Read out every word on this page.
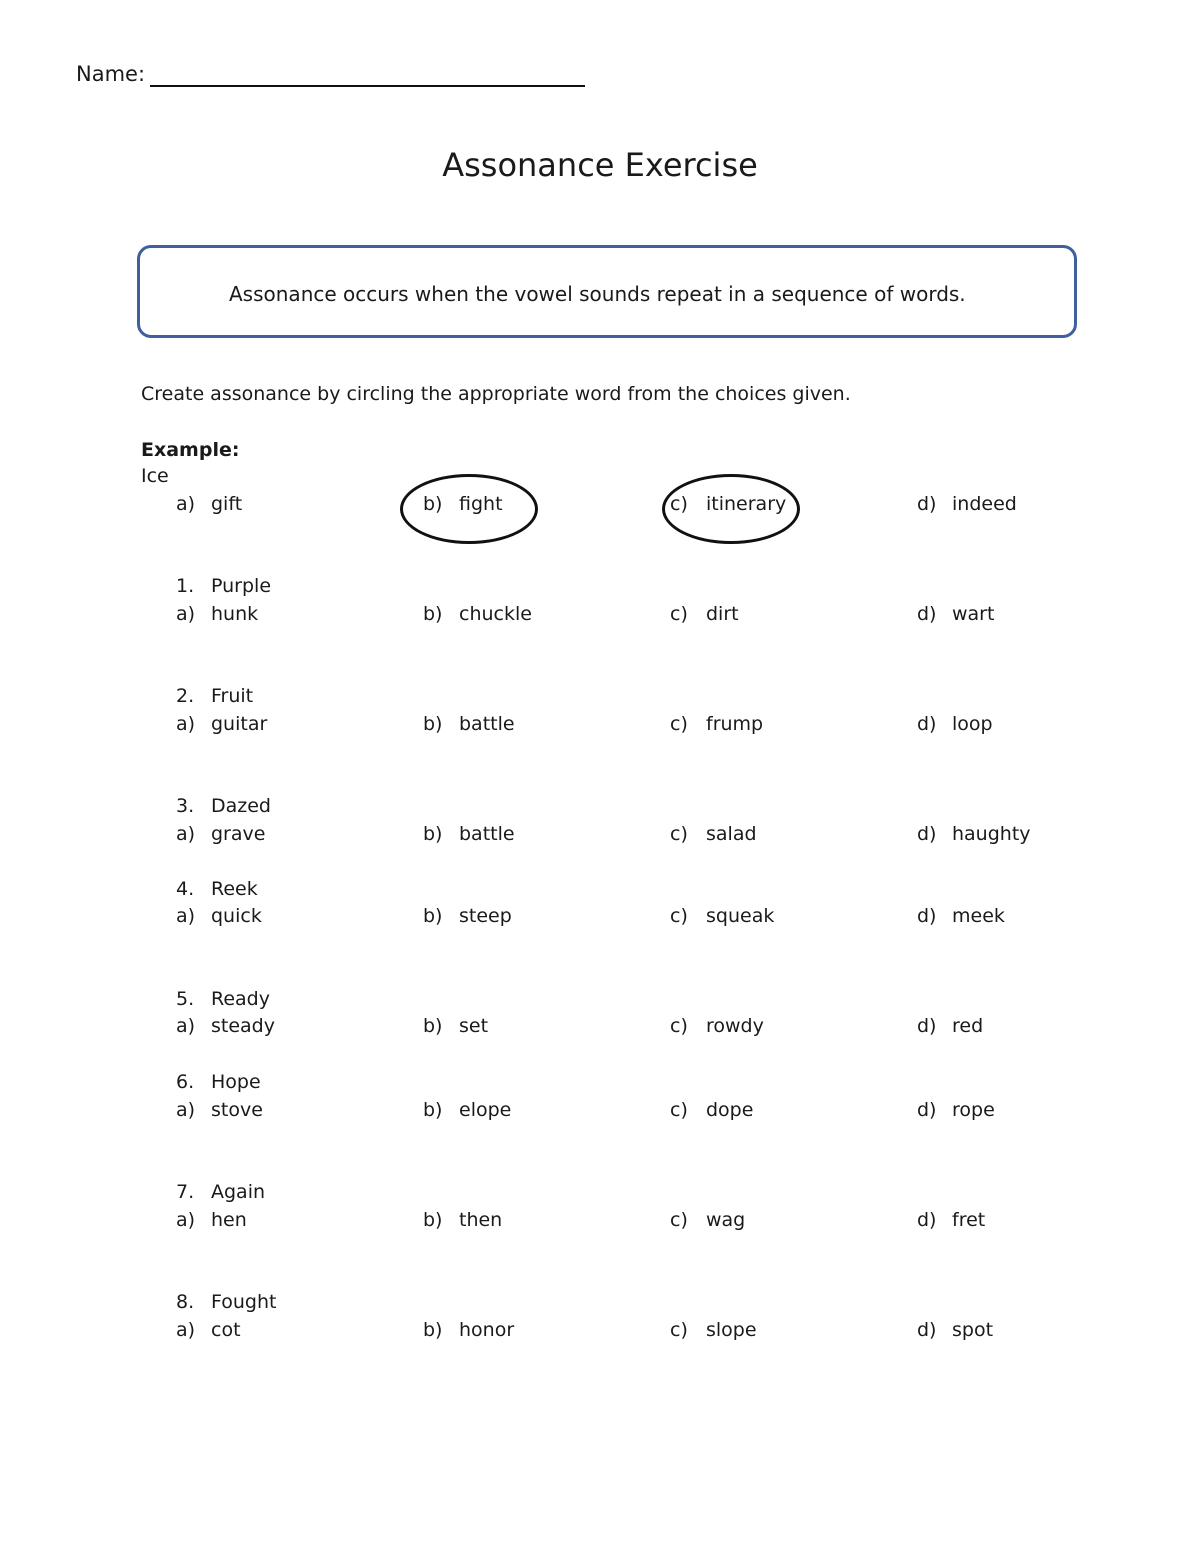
Name:
Assonance Exercise
Assonance occurs when the vowel sounds repeat in a sequence of words.
Create assonance by circling the appropriate word from the choices given.
Example:
Ice
a) gift	b) fight	c) itinerary	d) indeed
1. Purple
a) hunk	b) chuckle	c) dirt	d) wart
2. Fruit
a) guitar	b) battle	c) frump	d) loop
3. Dazed
a) grave	b) battle	c) salad	d) haughty
4. Reek
a) quick	b) steep	c) squeak	d) meek
5. Ready
a) steady	b) set	c) rowdy	d) red
6. Hope
a) stove	b) elope	c) dope	d) rope
7. Again
a) hen	b) then	c) wag	d) fret
8. Fought
a) cot	b) honor	c) slope	d) spot
